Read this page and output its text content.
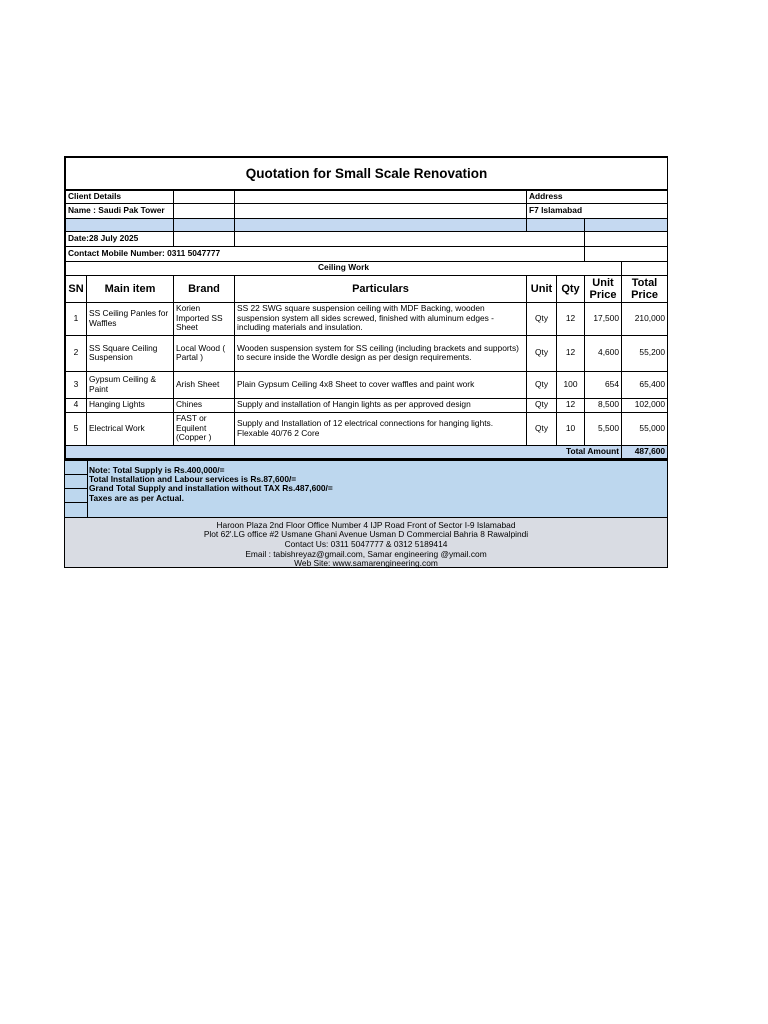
Quotation for Small Scale Renovation							
Client Details				Address			
Name : Saudi Pak Tower				F7 Islamabad			

Date:28 July 2025							
Contact Mobile Number: 0311 5047777							
Ceiling Work							
SN	Main item	Brand	Particulars	Unit	Qty	Unit Price	Total Price
1	SS Ceiling Panles for Waffles	Korien Imported SS Sheet	SS 22 SWG square suspension ceiling with MDF Backing, wooden suspension system all sides screwed, finished with aluminum edges - including materials and insulation.	Qty	12	17,500	210,000
2	SS Square Ceiling Suspension	Local Wood ( Partal )	Wooden suspension system for SS ceiling (including brackets and supports) to secure inside the Wordle design as per design requirements.	Qty	12	4,600	55,200
3	Gypsum Ceiling & Paint	Arish Sheet	Plain Gypsum Ceiling 4x8 Sheet to cover waffles and paint work	Qty	100	654	65,400
4	Hanging Lights	Chines	Supply and installation of Hangin lights as per approved design	Qty	12	8,500	102,000
5	Electrical Work	FAST or Equilent (Copper )	Supply and Installation of 12 electrical connections for hanging lights. Flexable 40/76 2 Core	Qty	10	5,500	55,000
Total Amount							487,600
Note: Total Supply is Rs.400,000/=
Total Installation and Labour services is Rs.87,600/=
Grand Total Supply and installation without TAX Rs.487,600/=
Taxes are as per Actual.
Haroon Plaza 2nd Floor Office Number 4 IJP Road Front of Sector I-9 Islamabad
Plot 62'.LG office #2 Usmane Ghani Avenue Usman D Commercial Bahria 8 Rawalpindi
Contact Us: 0311 5047777 & 0312 5189414
Email : tabishreyaz@gmail.com, Samar engineering @ymail.com
Web Site: www.samarengineering.com
